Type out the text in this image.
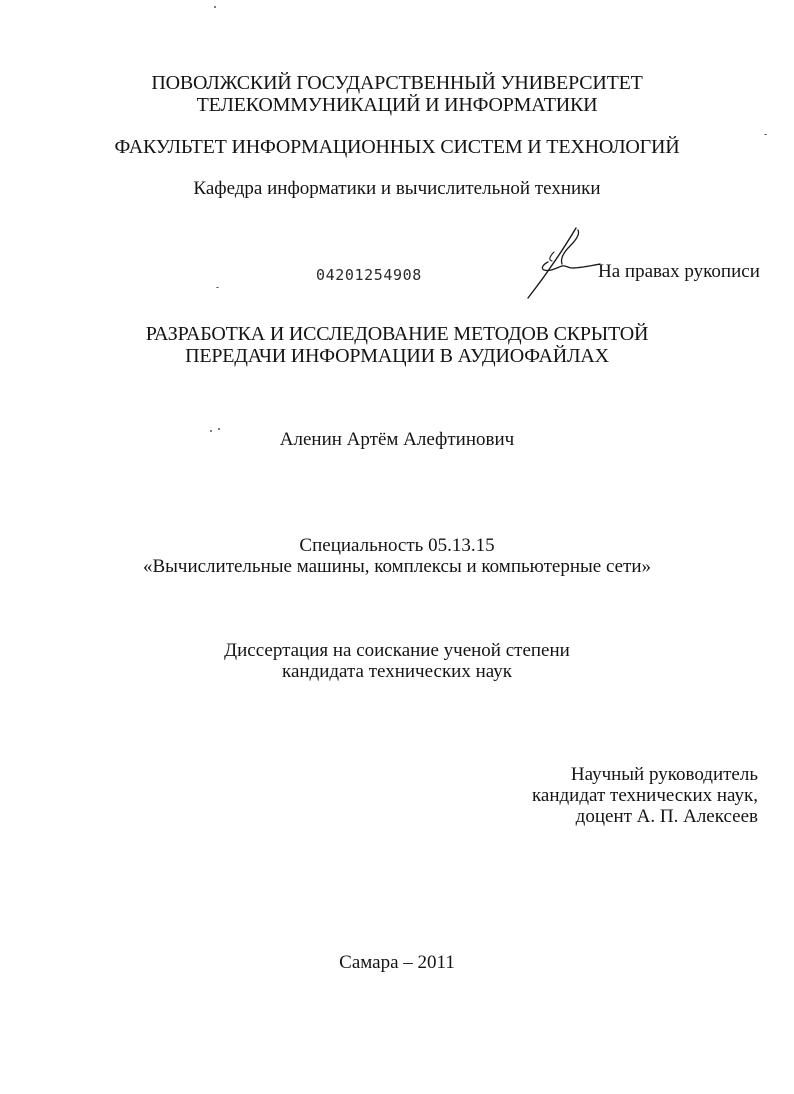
ПОВОЛЖСКИЙ ГОСУДАРСТВЕННЫЙ УНИВЕРСИТЕТ
ТЕЛЕКОММУНИКАЦИЙ И ИНФОРМАТИКИ
ФАКУЛЬТЕТ ИНФОРМАЦИОННЫХ СИСТЕМ И ТЕХНОЛОГИЙ
Кафедра информатики и вычислительной техники
04201254908	На правах рукописи
РАЗРАБОТКА И ИССЛЕДОВАНИЕ МЕТОДОВ СКРЫТОЙ
ПЕРЕДАЧИ ИНФОРМАЦИИ В АУДИОФАЙЛАХ
Аленин Артём Алефтинович
Специальность 05.13.15
«Вычислительные машины, комплексы и компьютерные сети»
Диссертация на соискание ученой степени
кандидата технических наук
Научный руководитель
кандидат технических наук,
доцент А. П. Алексеев
Самара – 2011
